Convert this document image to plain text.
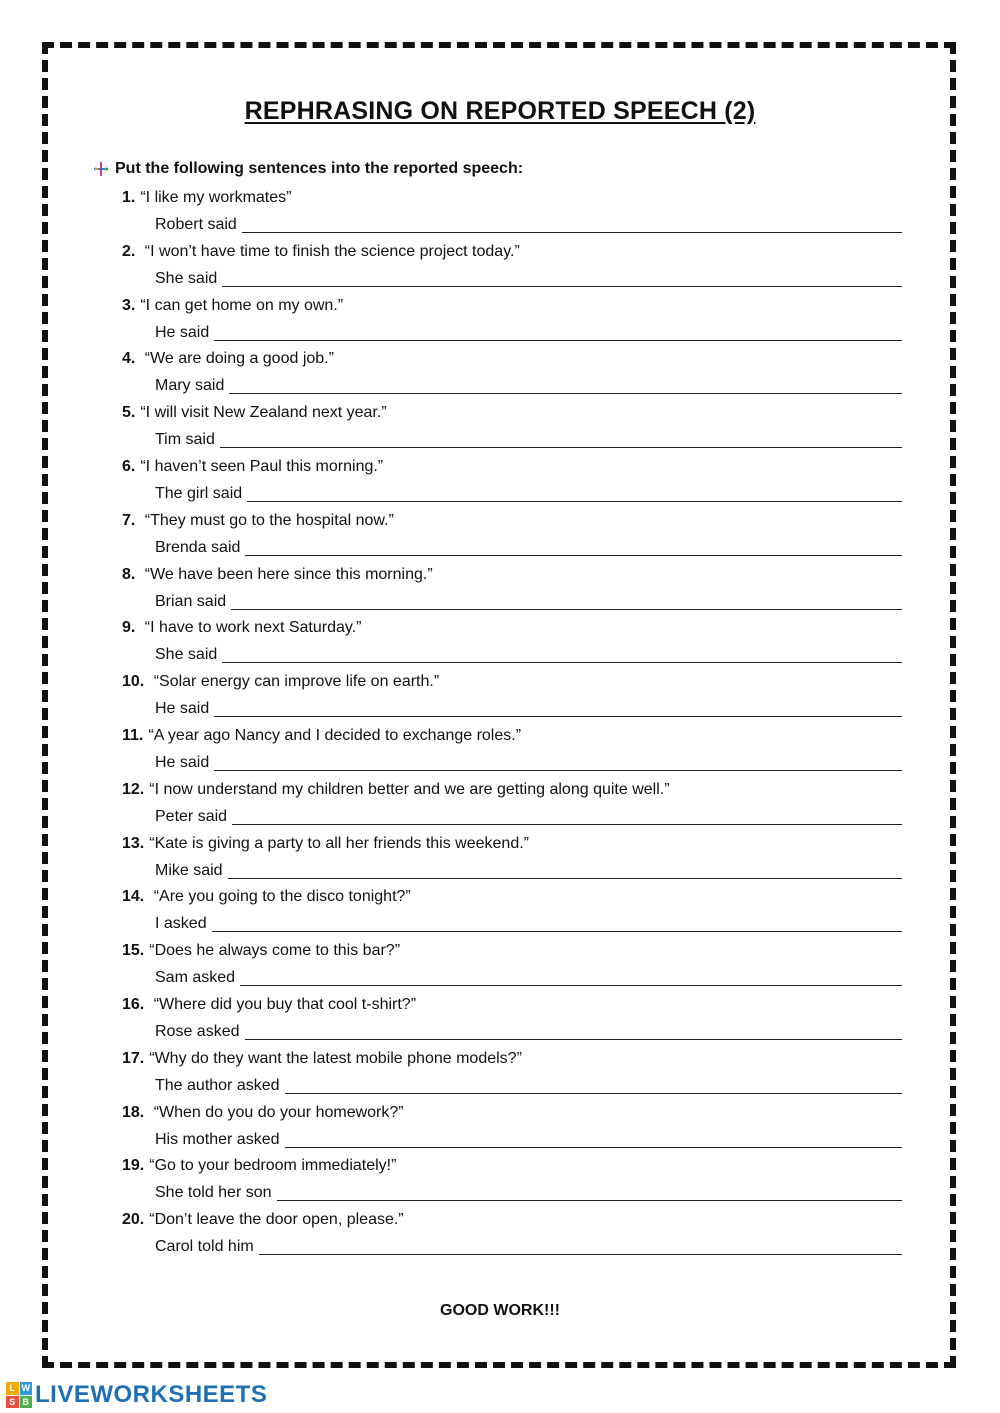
REPHRASING ON REPORTED SPEECH (2)
Put the following sentences into the reported speech:
1. “I like my workmates”
Robert said
2. “I won’t have time to finish the science project today.”
She said
3. “I can get home on my own.”
He said
4. “We are doing a good job.”
Mary said
5. “I will visit New Zealand next year.”
Tim said
6. “I haven’t seen Paul this morning.”
The girl said
7. “They must go to the hospital now.”
Brenda said
8. “We have been here since this morning.”
Brian said
9. “I have to work next Saturday.”
She said
10. “Solar energy can improve life on earth.”
He said
11. “A year ago Nancy and I decided to exchange roles.”
He said
12. “I now understand my children better and we are getting along quite well.”
Peter said
13. “Kate is giving a party to all her friends this weekend.”
Mike said
14. “Are you going to the disco tonight?”
I asked
15. “Does he always come to this bar?”
Sam asked
16. “Where did you buy that cool t-shirt?”
Rose asked
17. “Why do they want the latest mobile phone models?”
The author asked
18. “When do you do your homework?”
His mother asked
19. “Go to your bedroom immediately!”
She told her son
20. “Don’t leave the door open, please.”
Carol told him
GOOD WORK!!!
L W
S B LIVEWORKSHEETS
